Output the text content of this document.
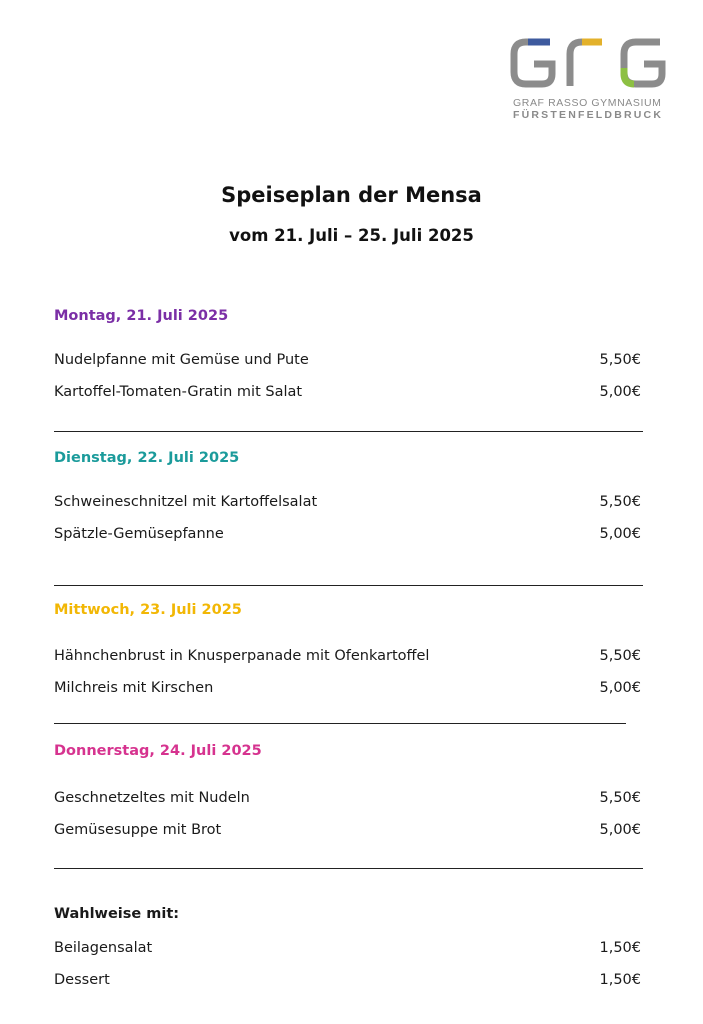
GRAF RASSO GYMNASIUM
FÜRSTENFELDBRUCK
Speiseplan der Mensa
vom 21. Juli – 25. Juli 2025
Montag, 21. Juli 2025
Nudelpfanne mit Gemüse und Pute	5,50€
Kartoffel-Tomaten-Gratin mit Salat	5,00€
Dienstag, 22. Juli 2025
Schweineschnitzel mit Kartoffelsalat	5,50€
Spätzle-Gemüsepfanne	5,00€
Mittwoch, 23. Juli 2025
Hähnchenbrust in Knusperpanade mit Ofenkartoffel	5,50€
Milchreis mit Kirschen	5,00€
Donnerstag, 24. Juli 2025
Geschnetzeltes mit Nudeln	5,50€
Gemüsesuppe mit Brot	5,00€
Wahlweise mit:
Beilagensalat	1,50€
Dessert	1,50€
